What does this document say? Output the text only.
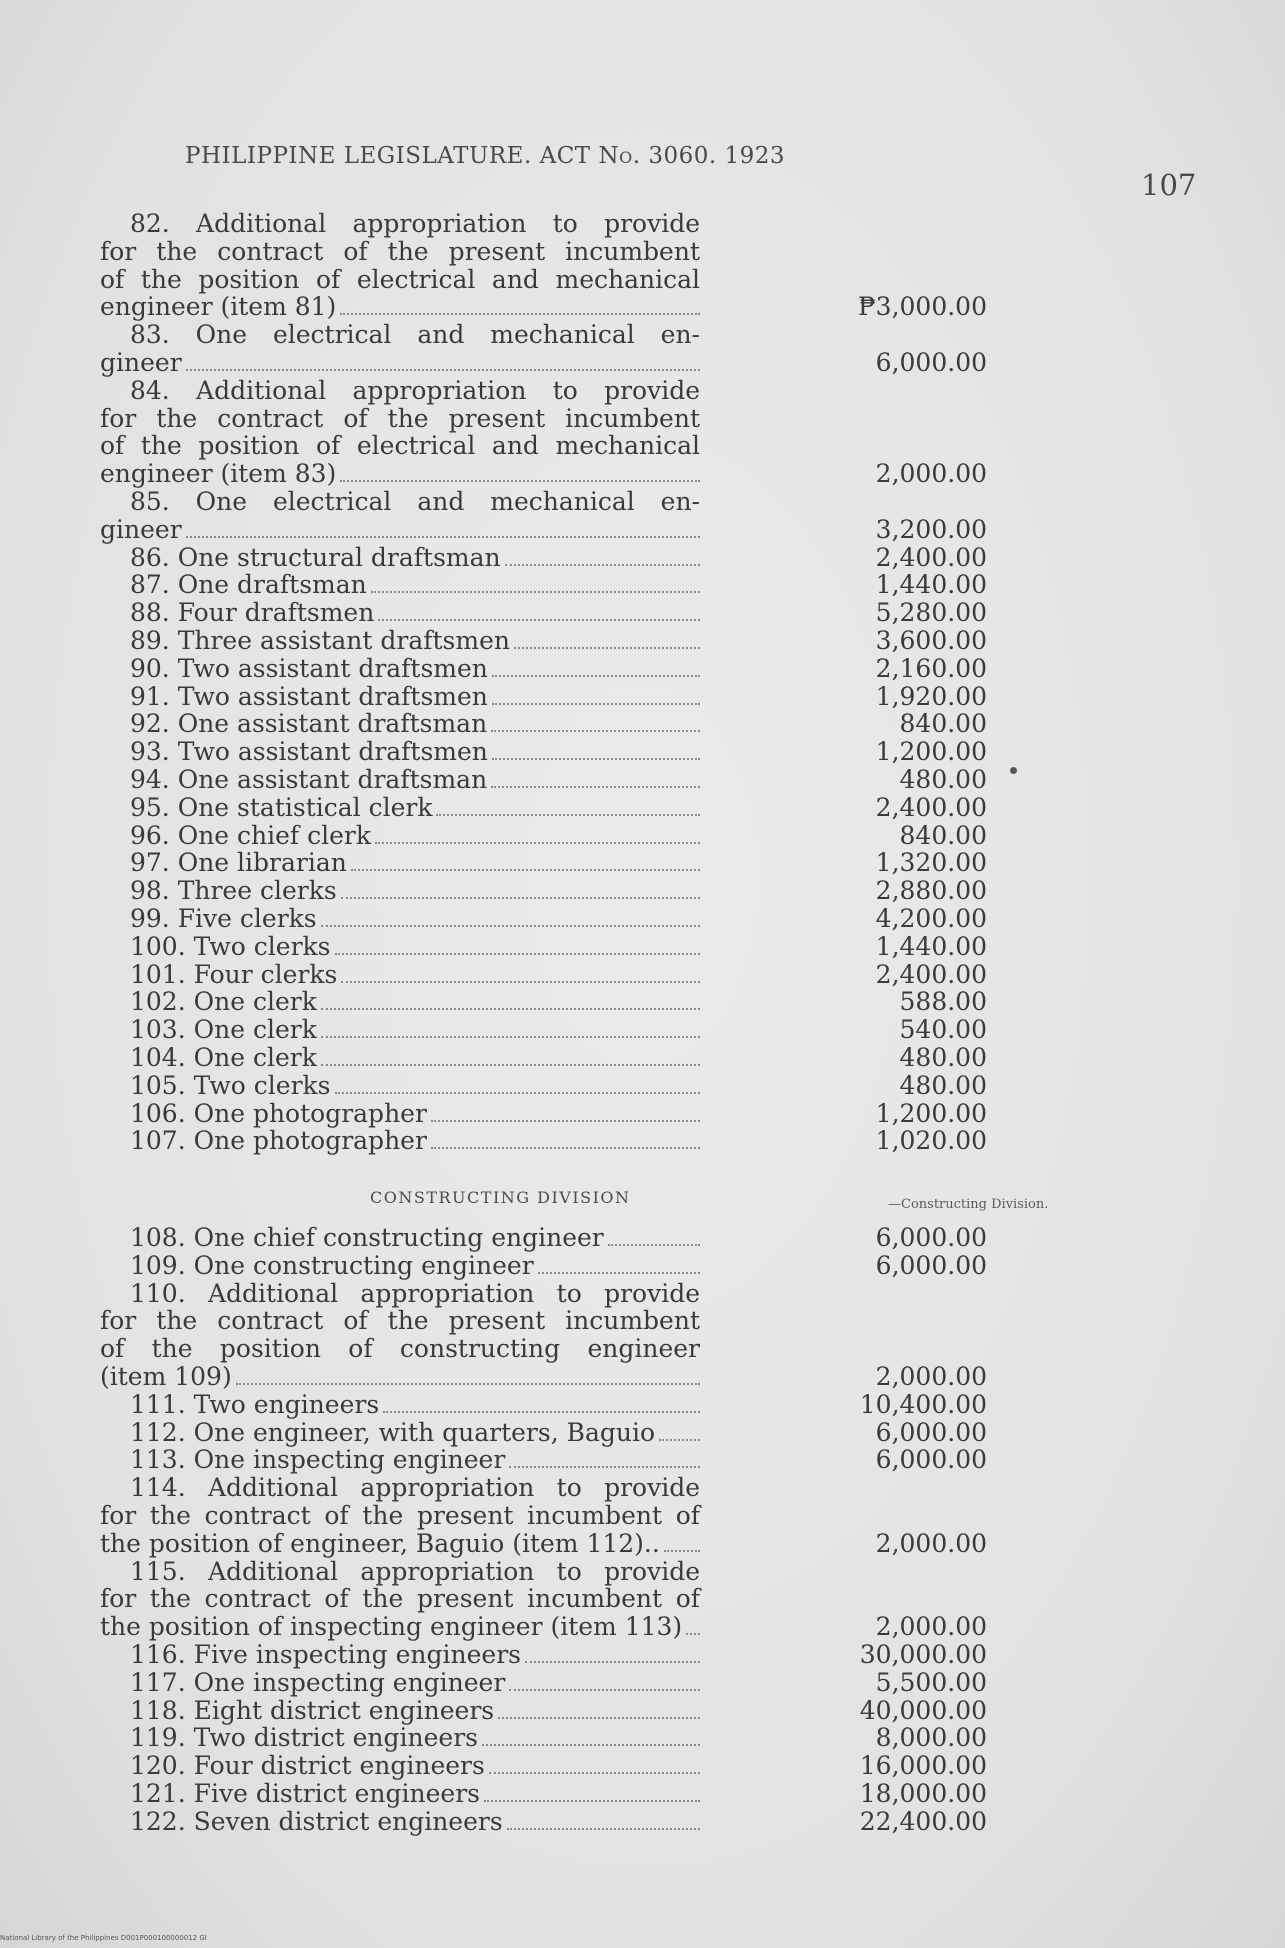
PHILIPPINE LEGISLATURE. ACT No. 3060. 1923
107
82. Additional appropriation to provide
for the contract of the present incumbent
of the position of electrical and mechanical
engineer (item 81)	₱3,000.00
83. One electrical and mechanical en-
gineer	6,000.00
84. Additional appropriation to provide
for the contract of the present incumbent
of the position of electrical and mechanical
engineer (item 83)	2,000.00
85. One electrical and mechanical en-
gineer	3,200.00
86. One structural draftsman	2,400.00
87. One draftsman	1,440.00
88. Four draftsmen	5,280.00
89. Three assistant draftsmen	3,600.00
90. Two assistant draftsmen	2,160.00
91. Two assistant draftsmen	1,920.00
92. One assistant draftsman	840.00
93. Two assistant draftsmen	1,200.00
94. One assistant draftsman	480.00
95. One statistical clerk	2,400.00
96. One chief clerk	840.00
97. One librarian	1,320.00
98. Three clerks	2,880.00
99. Five clerks	4,200.00
100. Two clerks	1,440.00
101. Four clerks	2,400.00
102. One clerk	588.00
103. One clerk	540.00
104. One clerk	480.00
105. Two clerks	480.00
106. One photographer	1,200.00
107. One photographer	1,020.00
CONSTRUCTING DIVISION	—Constructing Division.
108. One chief constructing engineer	6,000.00
109. One constructing engineer	6,000.00
110. Additional appropriation to provide
for the contract of the present incumbent
of the position of constructing engineer
(item 109)	2,000.00
111. Two engineers	10,400.00
112. One engineer, with quarters, Baguio	6,000.00
113. One inspecting engineer	6,000.00
114. Additional appropriation to provide
for the contract of the present incumbent of
the position of engineer, Baguio (item 112)..	2,000.00
115. Additional appropriation to provide
for the contract of the present incumbent of
the position of inspecting engineer (item 113)	2,000.00
116. Five inspecting engineers	30,000.00
117. One inspecting engineer	5,500.00
118. Eight district engineers	40,000.00
119. Two district engineers	8,000.00
120. Four district engineers	16,000.00
121. Five district engineers	18,000.00
122. Seven district engineers	22,400.00
National Library of the Philippines D001P000100000012 GI
